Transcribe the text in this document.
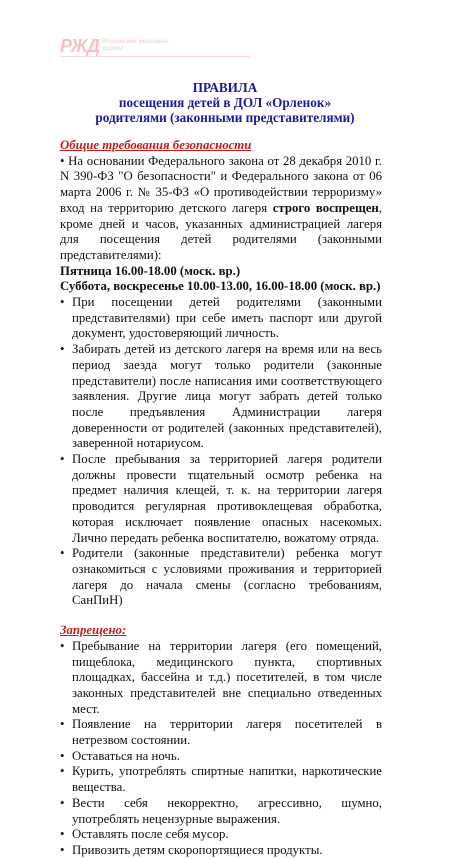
РЖД Российские железные дороги
ПРАВИЛА
посещения детей в ДОЛ «Орленок»
родителями (законными представителями)

Общие требования безопасности

• На основании Федерального закона от 28 декабря 2010 г. N 390-ФЗ "О безопасности" и Федерального закона от 06 марта 2006 г. № 35-ФЗ «О противодействии терроризму» вход на территорию детского лагеря строго воспрещен, кроме дней и часов, указанных администрацией лагеря для посещения детей родителями (законными представителями):

Пятница 16.00-18.00 (моск. вр.)

Суббота, воскресенье 10.00-13.00, 16.00-18.00 (моск. вр.)

• При посещении детей родителями (законными представителями) при себе иметь паспорт или другой документ, удостоверяющий личность.

• Забирать детей из детского лагеря на время или на весь период заезда могут только родители (законные представители) после написания ими соответствующего заявления. Другие лица могут забрать детей только после предъявления Администрации лагеря доверенности от родителей (законных представителей), заверенной нотариусом.

• После пребывания за территорией лагеря родители должны провести тщательный осмотр ребенка на предмет наличия клещей, т. к. на территории лагеря проводится регулярная противоклещевая обработка, которая исключает появление опасных насекомых. Лично передать ребенка воспитателю, вожатому отряда.

• Родители (законные представители) ребенка могут ознакомиться с условиями проживания и территорией лагеря до начала смены (согласно требованиям, СанПиН)

Запрещено:

• Пребывание на территории лагеря (его помещений, пищеблока, медицинского пункта, спортивных площадках, бассейна и т.д.) посетителей, в том числе законных представителей вне специально отведенных мест.

• Появление на территории лагеря посетителей в нетрезвом состоянии.

• Оставаться на ночь.

• Курить, употреблять спиртные напитки, наркотические вещества.

• Вести себя некорректно, агрессивно, шумно, употреблять нецензурные выражения.

• Оставлять после себя мусор.

• Привозить детям скоропортящиеся продукты.
